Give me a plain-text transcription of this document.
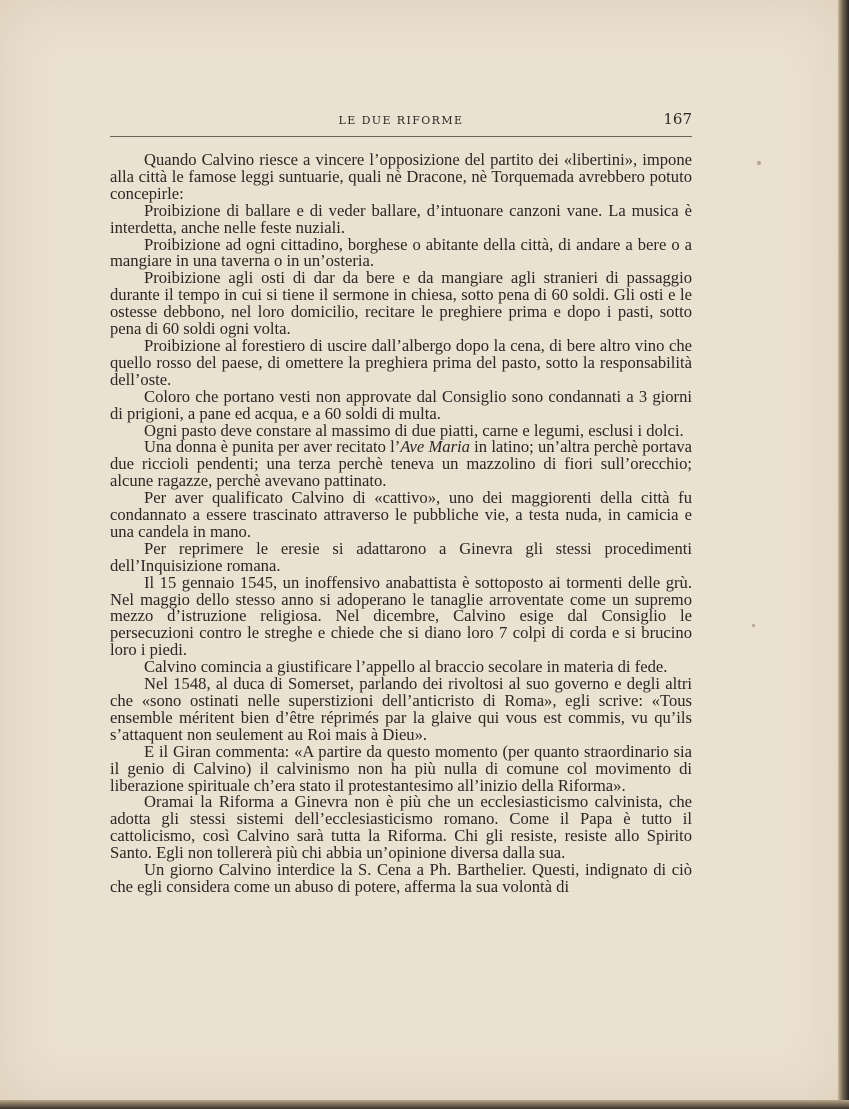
LE DUE RIFORME	167

Quando Calvino riesce a vincere l’opposizione del partito dei «libertini», impone alla città le famose leggi suntuarie, quali nè Dracone, nè Torquemada avrebbero potuto concepirle:

Proibizione di ballare e di veder ballare, d’intuonare canzoni vane. La musica è interdetta, anche nelle feste nuziali.

Proibizione ad ogni cittadino, borghese o abitante della città, di andare a bere o a mangiare in una taverna o in un’osteria.

Proibizione agli osti di dar da bere e da mangiare agli stranieri di passaggio durante il tempo in cui si tiene il sermone in chiesa, sotto pena di 60 soldi. Gli osti e le ostesse debbono, nel loro domicilio, recitare le preghiere prima e dopo i pasti, sotto pena di 60 soldi ogni volta.

Proibizione al forestiero di uscire dall’albergo dopo la cena, di bere altro vino che quello rosso del paese, di omettere la preghiera prima del pasto, sotto la responsabilità dell’oste.

Coloro che portano vesti non approvate dal Consiglio sono condannati a 3 giorni di prigioni, a pane ed acqua, e a 60 soldi di multa.

Ogni pasto deve constare al massimo di due piatti, carne e legumi, esclusi i dolci.

Una donna è punita per aver recitato l’Ave Maria in latino; un’altra perchè portava due riccioli pendenti; una terza perchè teneva un mazzolino di fiori sull’orecchio; alcune ragazze, perchè avevano pattinato.

Per aver qualificato Calvino di «cattivo», uno dei maggiorenti della città fu condannato a essere trascinato attraverso le pubbliche vie, a testa nuda, in camicia e una candela in mano.

Per reprimere le eresie si adattarono a Ginevra gli stessi procedimenti dell’Inquisizione romana.

Il 15 gennaio 1545, un inoffensivo anabattista è sottoposto ai tormenti delle grù. Nel maggio dello stesso anno si adoperano le tanaglie arroventate come un supremo mezzo d’istruzione religiosa. Nel dicembre, Calvino esige dal Consiglio le persecuzioni contro le streghe e chiede che si diano loro 7 colpi di corda e si brucino loro i piedi.

Calvino comincia a giustificare l’appello al braccio secolare in materia di fede.

Nel 1548, al duca di Somerset, parlando dei rivoltosi al suo governo e degli altri che «sono ostinati nelle superstizioni dell’anticristo di Roma», egli scrive: «Tous ensemble méritent bien d’être réprimés par la glaive qui vous est commis, vu qu’ils s’attaquent non seulement au Roi mais à Dieu».

E il Giran commenta: «A partire da questo momento (per quanto straordinario sia il genio di Calvino) il calvinismo non ha più nulla di comune col movimento di liberazione spirituale ch’era stato il protestantesimo all’inizio della Riforma».

Oramai la Riforma a Ginevra non è più che un ecclesiasticismo calvinista, che adotta gli stessi sistemi dell’ecclesiasticismo romano. Come il Papa è tutto il cattolicismo, così Calvino sarà tutta la Riforma. Chi gli resiste, resiste allo Spirito Santo. Egli non tollererà più chi abbia un’opinione diversa dalla sua.

Un giorno Calvino interdice la S. Cena a Ph. Barthelier. Questi, indignato di ciò che egli considera come un abuso di potere, afferma la sua volontà di
